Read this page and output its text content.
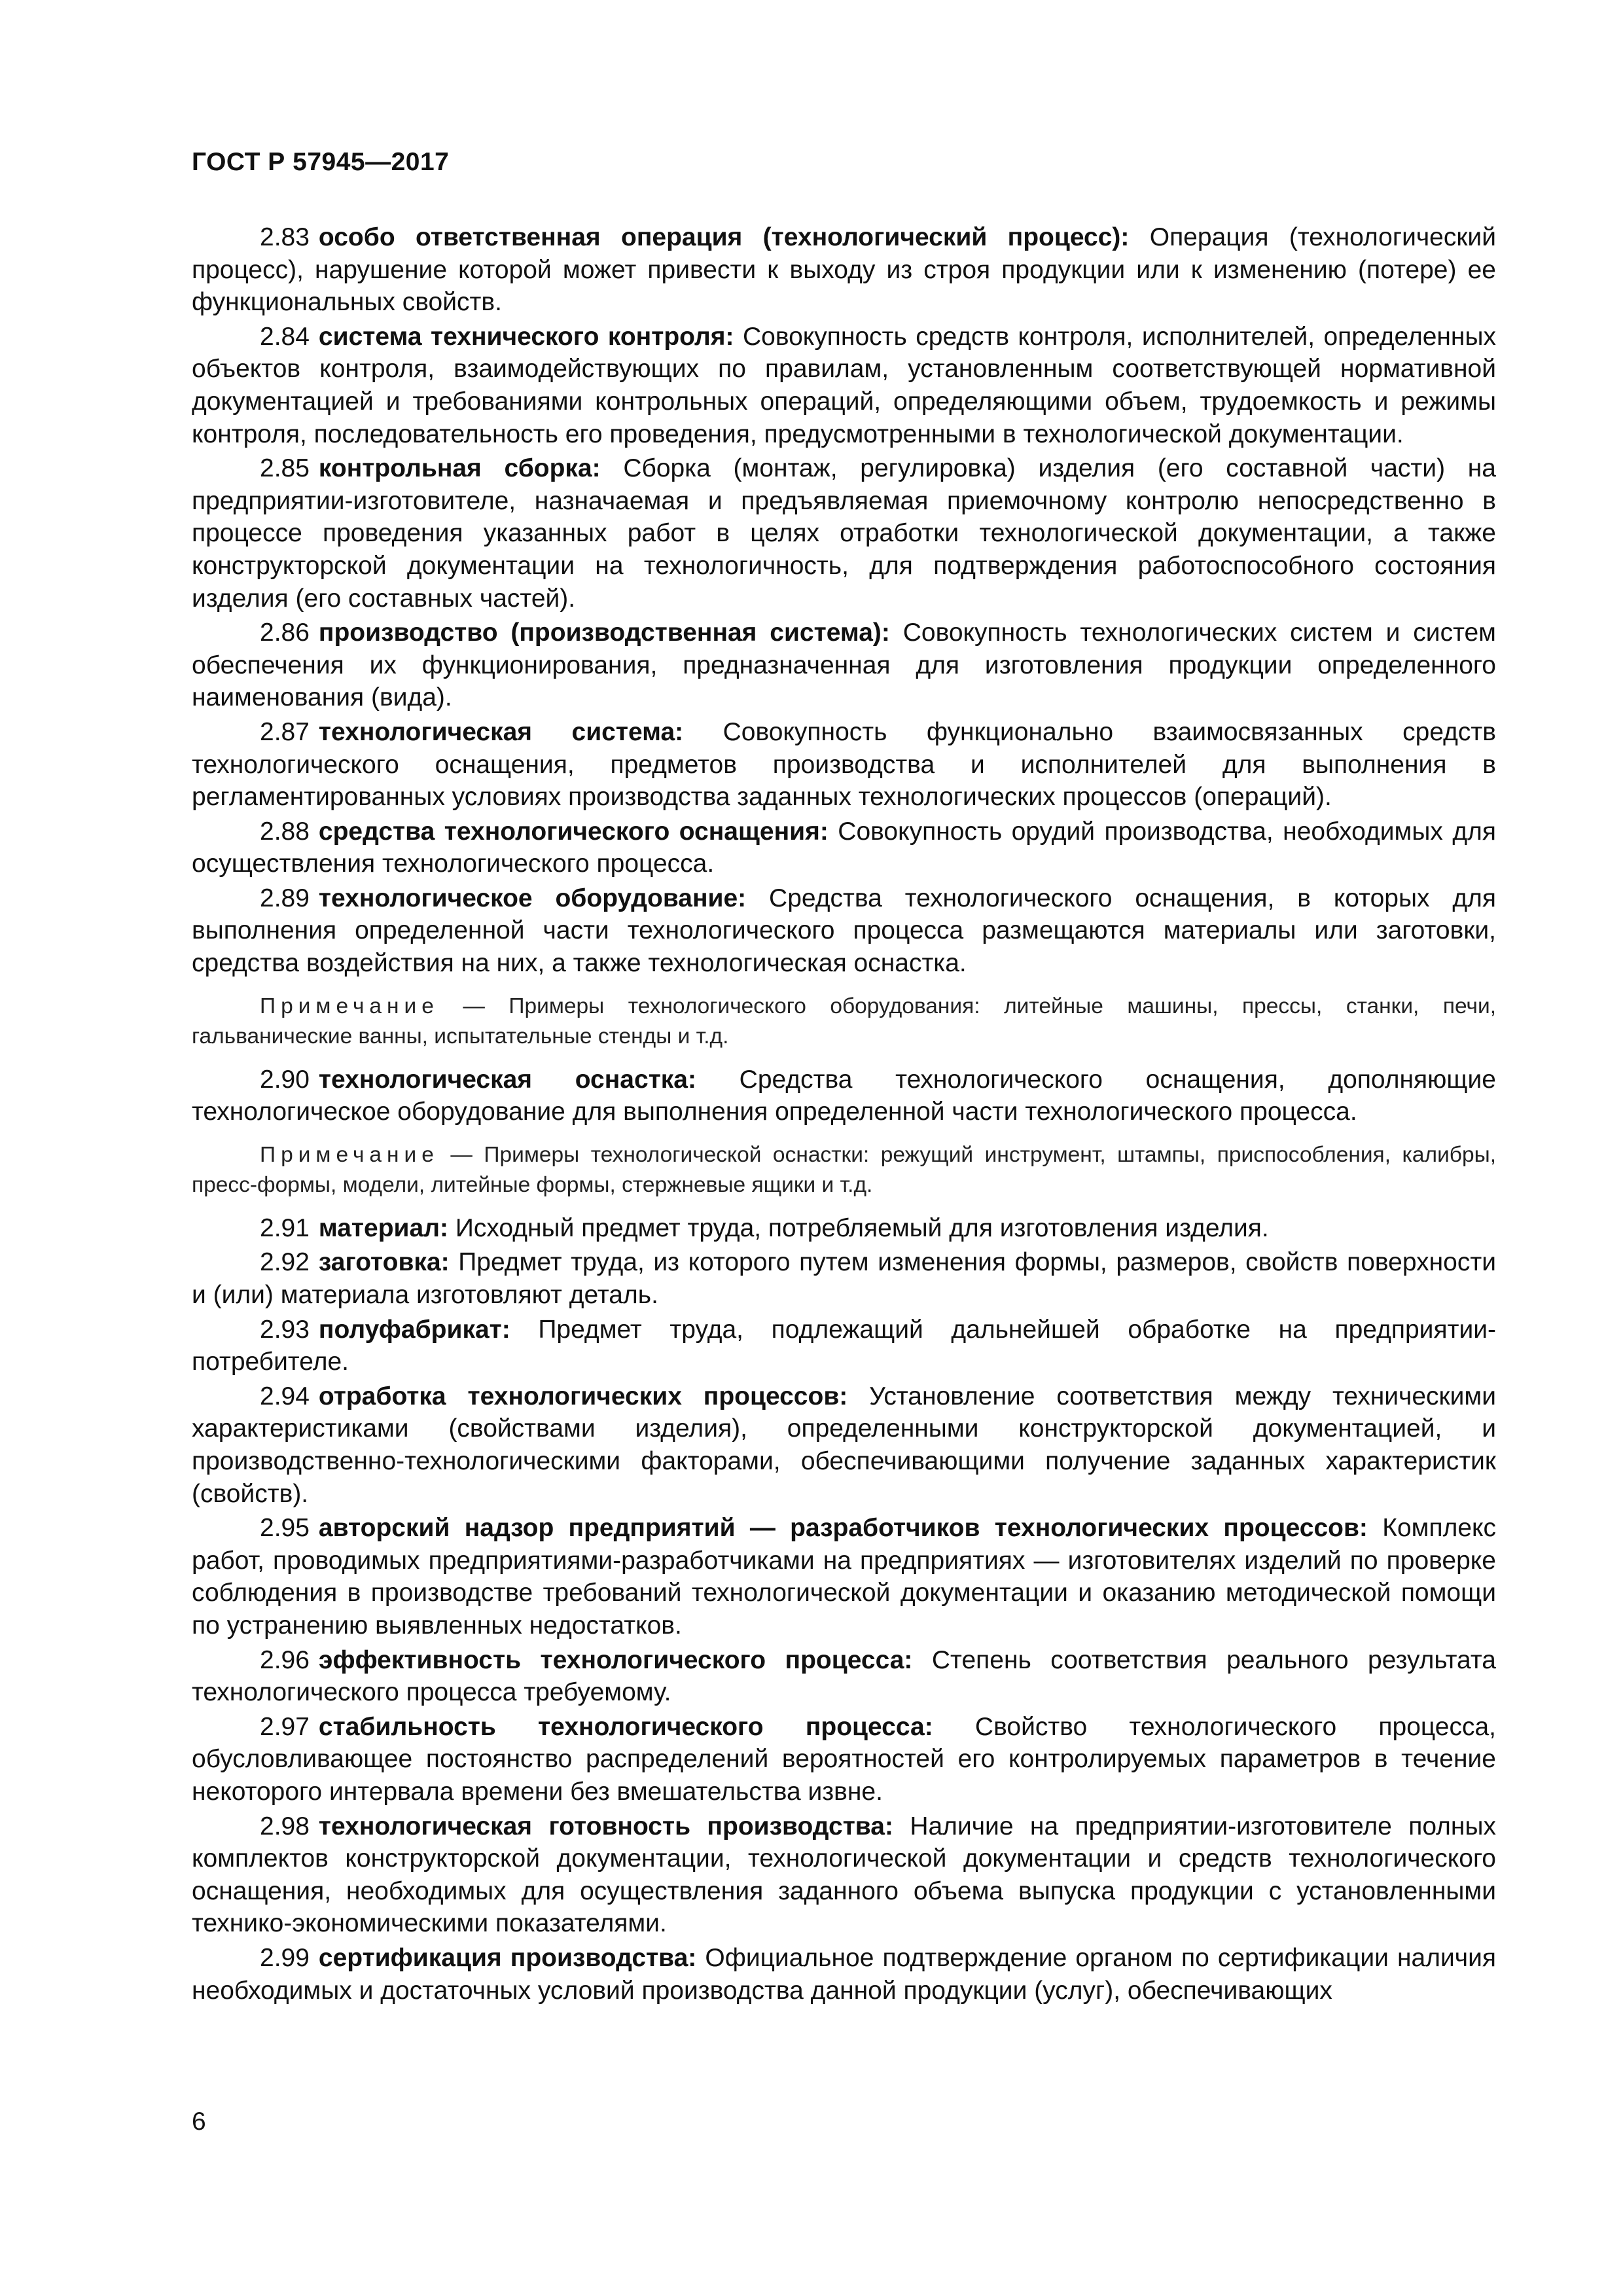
ГОСТ Р 57945—2017

2.83 особо ответственная операция (технологический процесс): Операция (технологический процесс), нарушение которой может привести к выходу из строя продукции или к изменению (потере) ее функциональных свойств.

2.84 система технического контроля: Совокупность средств контроля, исполнителей, определенных объектов контроля, взаимодействующих по правилам, установленным соответствующей нормативной документацией и требованиями контрольных операций, определяющими объем, трудоемкость и режимы контроля, последовательность его проведения, предусмотренными в технологической документации.

2.85 контрольная сборка: Сборка (монтаж, регулировка) изделия (его составной части) на предприятии-изготовителе, назначаемая и предъявляемая приемочному контролю непосредственно в процессе проведения указанных работ в целях отработки технологической документации, а также конструкторской документации на технологичность, для подтверждения работоспособного состояния изделия (его составных частей).

2.86 производство (производственная система): Совокупность технологических систем и систем обеспечения их функционирования, предназначенная для изготовления продукции определенного наименования (вида).

2.87 технологическая система: Совокупность функционально взаимосвязанных средств технологического оснащения, предметов производства и исполнителей для выполнения в регламентированных условиях производства заданных технологических процессов (операций).

2.88 средства технологического оснащения: Совокупность орудий производства, необходимых для осуществления технологического процесса.

2.89 технологическое оборудование: Средства технологического оснащения, в которых для выполнения определенной части технологического процесса размещаются материалы или заготовки, средства воздействия на них, а также технологическая оснастка.

Примечание — Примеры технологического оборудования: литейные машины, прессы, станки, печи, гальванические ванны, испытательные стенды и т.д.

2.90 технологическая оснастка: Средства технологического оснащения, дополняющие технологическое оборудование для выполнения определенной части технологического процесса.

Примечание — Примеры технологической оснастки: режущий инструмент, штампы, приспособления, калибры, пресс-формы, модели, литейные формы, стержневые ящики и т.д.

2.91 материал: Исходный предмет труда, потребляемый для изготовления изделия.

2.92 заготовка: Предмет труда, из которого путем изменения формы, размеров, свойств поверхности и (или) материала изготовляют деталь.

2.93 полуфабрикат: Предмет труда, подлежащий дальнейшей обработке на предприятии-потребителе.

2.94 отработка технологических процессов: Установление соответствия между техническими характеристиками (свойствами изделия), определенными конструкторской документацией, и производственно-технологическими факторами, обеспечивающими получение заданных характеристик (свойств).

2.95 авторский надзор предприятий — разработчиков технологических процессов: Комплекс работ, проводимых предприятиями-разработчиками на предприятиях — изготовителях изделий по проверке соблюдения в производстве требований технологической документации и оказанию методической помощи по устранению выявленных недостатков.

2.96 эффективность технологического процесса: Степень соответствия реального результата технологического процесса требуемому.

2.97 стабильность технологического процесса: Свойство технологического процесса, обусловливающее постоянство распределений вероятностей его контролируемых параметров в течение некоторого интервала времени без вмешательства извне.

2.98 технологическая готовность производства: Наличие на предприятии-изготовителе полных комплектов конструкторской документации, технологической документации и средств технологического оснащения, необходимых для осуществления заданного объема выпуска продукции с установленными технико-экономическими показателями.

2.99 сертификация производства: Официальное подтверждение органом по сертификации наличия необходимых и достаточных условий производства данной продукции (услуг), обеспечивающих

6
